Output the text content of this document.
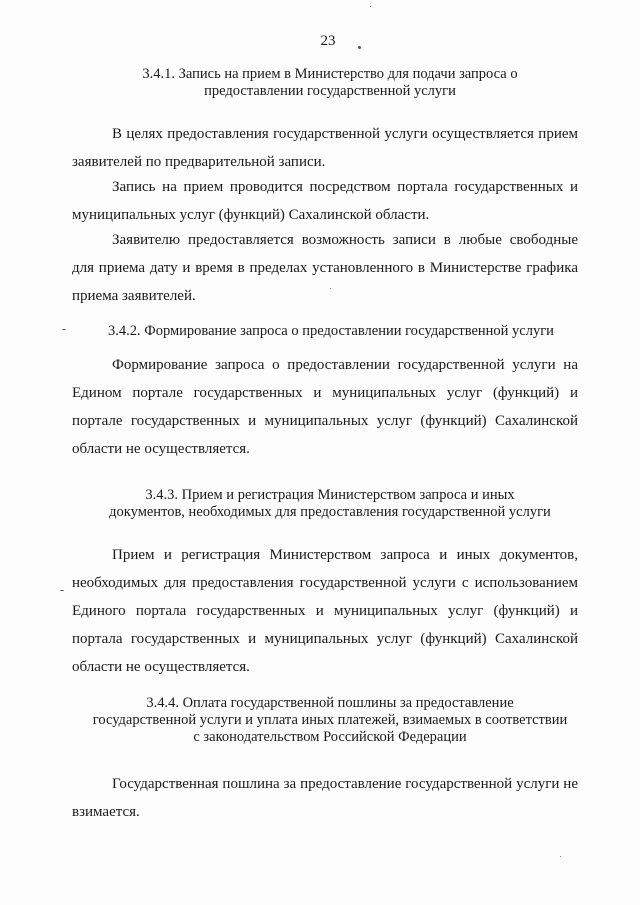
23
3.4.1. Запись на прием в Министерство для подачи запроса о
предоставлении государственной услуги
В целях предоставления государственной услуги осуществляется прием заявителей по предварительной записи.
Запись на прием проводится посредством портала государственных и муниципальных услуг (функций) Сахалинской области.
Заявителю предоставляется возможность записи в любые свободные для приема дату и время в пределах установленного в Министерстве графика приема заявителей.
3.4.2. Формирование запроса о предоставлении государственной услуги
Формирование запроса о предоставлении государственной услуги на Едином портале государственных и муниципальных услуг (функций) и портале государственных и муниципальных услуг (функций) Сахалинской области не осуществляется.
3.4.3. Прием и регистрация Министерством запроса и иных
документов, необходимых для предоставления государственной услуги
Прием и регистрация Министерством запроса и иных документов, необходимых для предоставления государственной услуги с использованием Единого портала государственных и муниципальных услуг (функций) и портала государственных и муниципальных услуг (функций) Сахалинской области не осуществляется.
3.4.4. Оплата государственной пошлины за предоставление
государственной услуги и уплата иных платежей, взимаемых в соответствии
с законодательством Российской Федерации
Государственная пошлина за предоставление государственной услуги не взимается.
